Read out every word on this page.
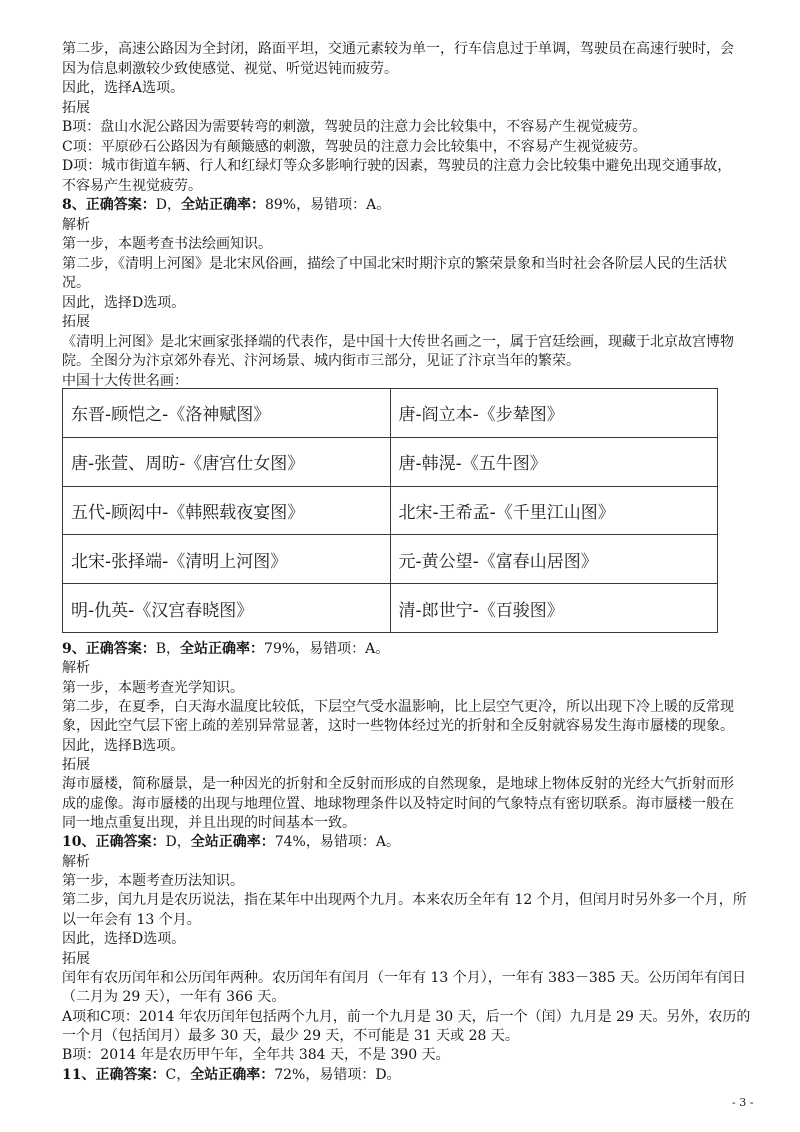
第二步，高速公路因为全封闭，路面平坦，交通元素较为单一，行车信息过于单调，驾驶员在高速行驶时，会
因为信息刺激较少致使感觉、视觉、听觉迟钝而疲劳。
因此，选择A选项。
拓展
B项：盘山水泥公路因为需要转弯的刺激，驾驶员的注意力会比较集中，不容易产生视觉疲劳。
C项：平原砂石公路因为有颠簸感的刺激，驾驶员的注意力会比较集中，不容易产生视觉疲劳。
D项：城市街道车辆、行人和红绿灯等众多影响行驶的因素，驾驶员的注意力会比较集中避免出现交通事故，
不容易产生视觉疲劳。
8、正确答案：D，全站正确率：89%，易错项：A。
解析
第一步，本题考查书法绘画知识。
第二步，《清明上河图》是北宋风俗画，描绘了中国北宋时期汴京的繁荣景象和当时社会各阶层人民的生活状
况。
因此，选择D选项。
拓展
《清明上河图》是北宋画家张择端的代表作，是中国十大传世名画之一，属于宫廷绘画，现藏于北京故宫博物
院。全图分为汴京郊外春光、汴河场景、城内街市三部分，见证了汴京当年的繁荣。
中国十大传世名画：
东晋-顾恺之-《洛神赋图》	唐-阎立本-《步辇图》
唐-张萱、周昉-《唐宫仕女图》	唐-韩滉-《五牛图》
五代-顾闳中-《韩熙载夜宴图》	北宋-王希孟-《千里江山图》
北宋-张择端-《清明上河图》	元-黄公望-《富春山居图》
明-仇英-《汉宫春晓图》	清-郎世宁-《百骏图》
9、正确答案：B，全站正确率：79%，易错项：A。
解析
第一步，本题考查光学知识。
第二步，在夏季，白天海水温度比较低，下层空气受水温影响，比上层空气更冷，所以出现下冷上暖的反常现
象，因此空气层下密上疏的差别异常显著，这时一些物体经过光的折射和全反射就容易发生海市蜃楼的现象。
因此，选择B选项。
拓展
海市蜃楼，简称蜃景，是一种因光的折射和全反射而形成的自然现象，是地球上物体反射的光经大气折射而形
成的虚像。海市蜃楼的出现与地理位置、地球物理条件以及特定时间的气象特点有密切联系。海市蜃楼一般在
同一地点重复出现，并且出现的时间基本一致。
10、正确答案：D，全站正确率：74%，易错项：A。
解析
第一步，本题考查历法知识。
第二步，闰九月是农历说法，指在某年中出现两个九月。本来农历全年有 12 个月，但闰月时另外多一个月，所
以一年会有 13 个月。
因此，选择D选项。
拓展
闰年有农历闰年和公历闰年两种。农历闰年有闰月（一年有 13 个月），一年有 383－385 天。公历闰年有闰日
（二月为 29 天），一年有 366 天。
A项和C项：2014 年农历闰年包括两个九月，前一个九月是 30 天，后一个（闰）九月是 29 天。另外，农历的
一个月（包括闰月）最多 30 天，最少 29 天，不可能是 31 天或 28 天。
B项：2014 年是农历甲午年，全年共 384 天，不是 390 天。
11、正确答案：C，全站正确率：72%，易错项：D。
- 3 -
